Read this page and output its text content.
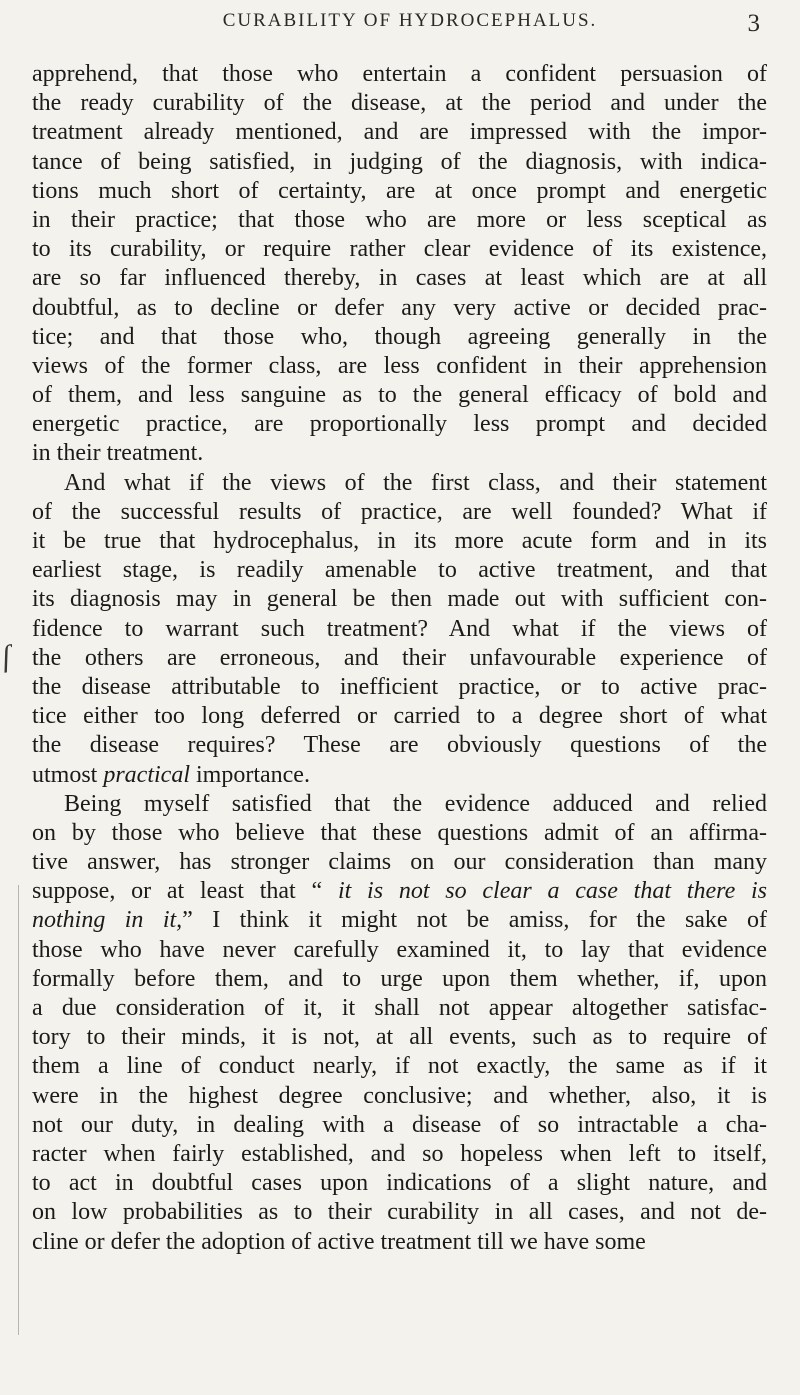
CURABILITY OF HYDROCEPHALUS.	3
ſ
apprehend, that those who entertain a confident persuasion of
the ready curability of the disease, at the period and under the
treatment already mentioned, and are impressed with the impor-
tance of being satisfied, in judging of the diagnosis, with indica-
tions much short of certainty, are at once prompt and energetic
in their practice; that those who are more or less sceptical as
to its curability, or require rather clear evidence of its existence,
are so far influenced thereby, in cases at least which are at all
doubtful, as to decline or defer any very active or decided prac-
tice; and that those who, though agreeing generally in the
views of the former class, are less confident in their apprehension
of them, and less sanguine as to the general efficacy of bold and
energetic practice, are proportionally less prompt and decided
in their treatment.
And what if the views of the first class, and their statement
of the successful results of practice, are well founded? What if
it be true that hydrocephalus, in its more acute form and in its
earliest stage, is readily amenable to active treatment, and that
its diagnosis may in general be then made out with sufficient con-
fidence to warrant such treatment? And what if the views of
the others are erroneous, and their unfavourable experience of
the disease attributable to inefficient practice, or to active prac-
tice either too long deferred or carried to a degree short of what
the disease requires? These are obviously questions of the
utmost practical importance.
Being myself satisfied that the evidence adduced and relied
on by those who believe that these questions admit of an affirma-
tive answer, has stronger claims on our consideration than many
suppose, or at least that “ it is not so clear a case that there is
nothing in it,” I think it might not be amiss, for the sake of
those who have never carefully examined it, to lay that evidence
formally before them, and to urge upon them whether, if, upon
a due consideration of it, it shall not appear altogether satisfac-
tory to their minds, it is not, at all events, such as to require of
them a line of conduct nearly, if not exactly, the same as if it
were in the highest degree conclusive; and whether, also, it is
not our duty, in dealing with a disease of so intractable a cha-
racter when fairly established, and so hopeless when left to itself,
to act in doubtful cases upon indications of a slight nature, and
on low probabilities as to their curability in all cases, and not de-
cline or defer the adoption of active treatment till we have some
